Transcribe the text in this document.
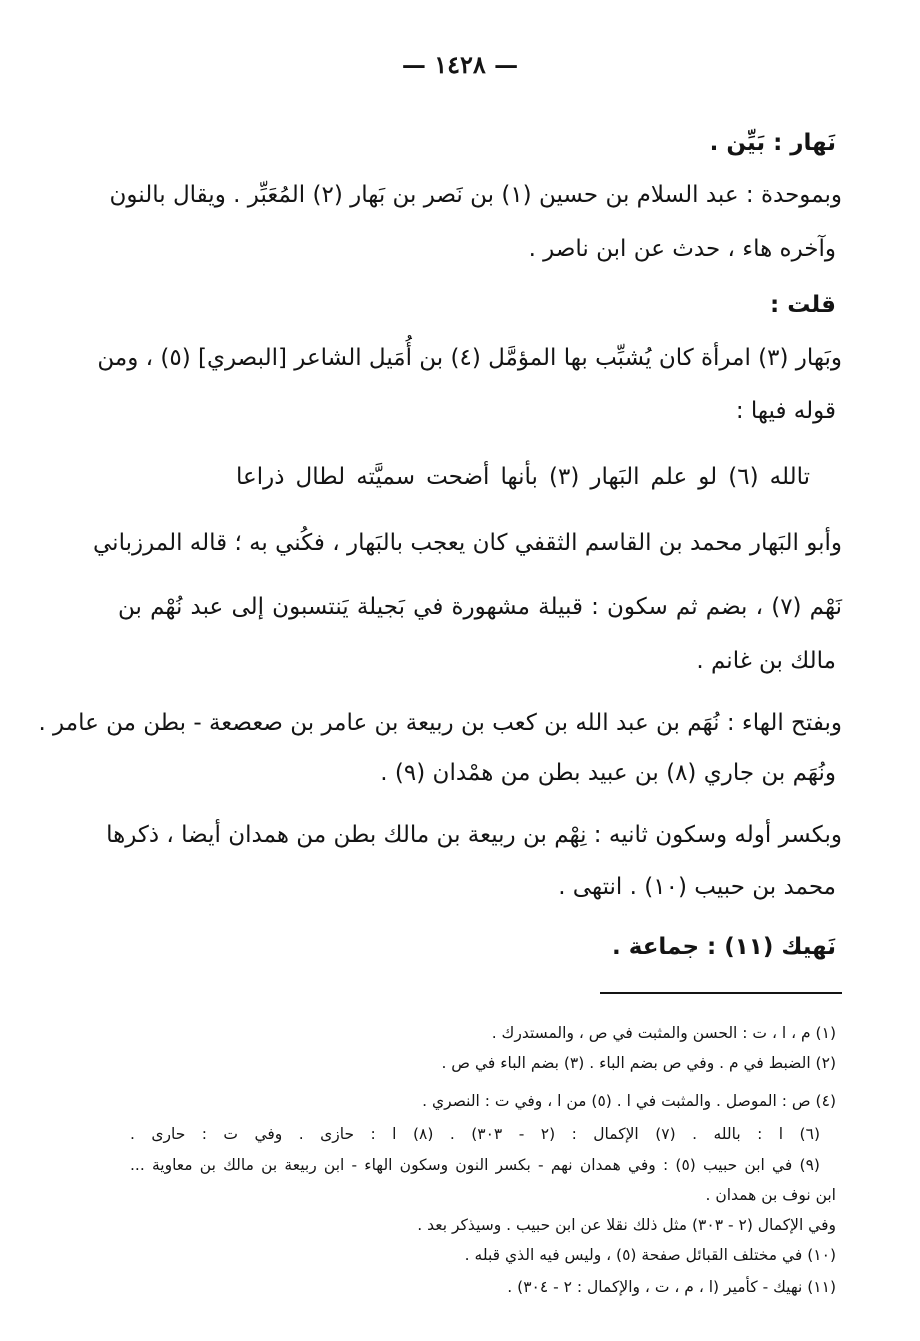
— ١٤٢٨ —
نَهار : بَيِّن .
وبموحدة : عبد السلام بن حسين (١) بن نَصر بن بَهار (٢) المُعَبِّر . ويقال بالنون
وآخره هاء ، حدث عن ابن ناصر .
قلت :
وبَهار (٣) امرأة كان يُشبِّب بها المؤمَّل (٤) بن أُمَيل الشاعر [البصري] (٥) ، ومن
قوله فيها :
تالله (٦) لو علم البَهار (٣) بأنها أضحت سميَّته لطال ذراعا
وأبو البَهار محمد بن القاسم الثقفي كان يعجب بالبَهار ، فكُني به ؛ قاله المرزباني
نَهْم (٧) ، بضم ثم سكون : قبيلة مشهورة في بَجيلة يَنتسبون إلى عبد نُهْم بن
مالك بن غانم .
وبفتح الهاء : نُهَم بن عبد الله بن كعب بن ربيعة بن عامر بن صعصعة - بطن من عامر .
ونُهَم بن جاري (٨) بن عبيد بطن من همْدان (٩) .
وبكسر أوله وسكون ثانيه : نِهْم بن ربيعة بن مالك بطن من همدان أيضا ، ذكرها
محمد بن حبيب (١٠) . انتهى .
نَهيك (١١) : جماعة .
(١) م ، ا ، ت : الحسن والمثبت في ص ، والمستدرك .
(٢) الضبط في م . وفي ص بضم الباء . (٣) بضم الباء في ص .
(٤) ص : الموصل . والمثبت في ا . (٥) من ا ، وفي ت : النصري .
(٦) ا : بالله . (٧) الإكمال : (٢ - ٣٠٣) . (٨) ا : حازى . وفي ت : حارى .
(٩) في ابن حبيب (٥) : وفي همدان نهم - بكسر النون وسكون الهاء - ابن ربيعة بن مالك بن معاوية ...
ابن نوف بن همدان .
وفي الإكمال (٢ - ٣٠٣) مثل ذلك نقلا عن ابن حبيب . وسيذكر بعد .
(١٠) في مختلف القبائل صفحة (٥) ، وليس فيه الذي قبله .
(١١) نهيك - كأمير (ا ، م ، ت ، والإكمال : ٢ - ٣٠٤) .
